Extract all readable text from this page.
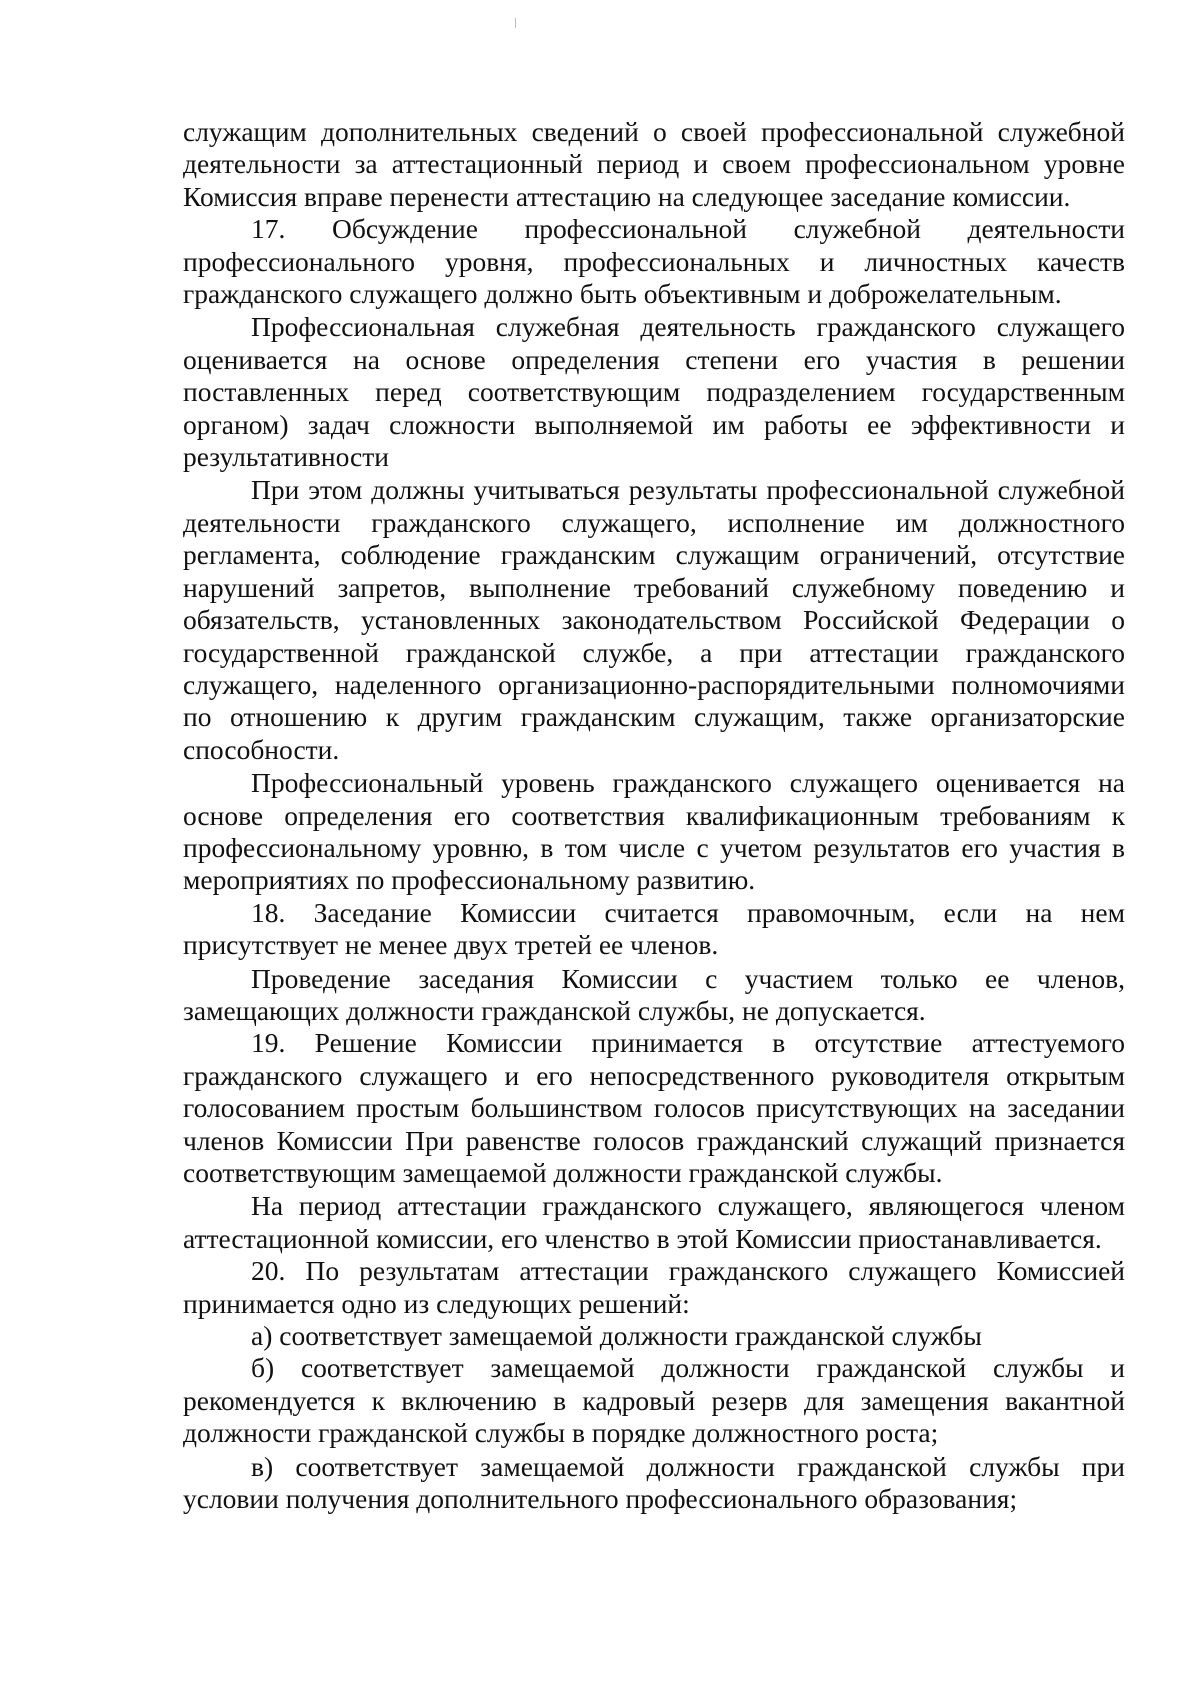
служащим дополнительных сведений о своей профессиональной служебной деятельности за аттестационный период и своем профессиональном уровне Комиссия вправе перенести аттестацию на следующее заседание комиссии.

17. Обсуждение профессиональной служебной деятельности профессионального уровня, профессиональных и личностных качеств гражданского служащего должно быть объективным и доброжелательным.

Профессиональная служебная деятельность гражданского служащего оценивается на основе определения степени его участия в решении поставленных перед соответствующим подразделением государственным органом) задач сложности выполняемой им работы ее эффективности и результативности

При этом должны учитываться результаты профессиональной служебной деятельности гражданского служащего, исполнение им должностного регламента, соблюдение гражданским служащим ограничений, отсутствие нарушений запретов, выполнение требований служебному поведению и обязательств, установленных законодательством Российской Федерации о государственной гражданской службе, а при аттестации гражданского служащего, наделенного организационно-распорядительными полномочиями по отношению к другим гражданским служащим, также организаторские способности.

Профессиональный уровень гражданского служащего оценивается на основе определения его соответствия квалификационным требованиям к профессиональному уровню, в том числе с учетом результатов его участия в мероприятиях по профессиональному развитию.

18. Заседание Комиссии считается правомочным, если на нем присутствует не менее двух третей ее членов.

Проведение заседания Комиссии с участием только ее членов, замещающих должности гражданской службы, не допускается.

19. Решение Комиссии принимается в отсутствие аттестуемого гражданского служащего и его непосредственного руководителя открытым голосованием простым большинством голосов присутствующих на заседании членов Комиссии При равенстве голосов гражданский служащий признается соответствующим замещаемой должности гражданской службы.

На период аттестации гражданского служащего, являющегося членом аттестационной комиссии, его членство в этой Комиссии приостанавливается.

20. По результатам аттестации гражданского служащего Комиссией принимается одно из следующих решений:

а) соответствует замещаемой должности гражданской службы

б) соответствует замещаемой должности гражданской службы и рекомендуется к включению в кадровый резерв для замещения вакантной должности гражданской службы в порядке должностного роста;

в) соответствует замещаемой должности гражданской службы при условии получения дополнительного профессионального образования;
